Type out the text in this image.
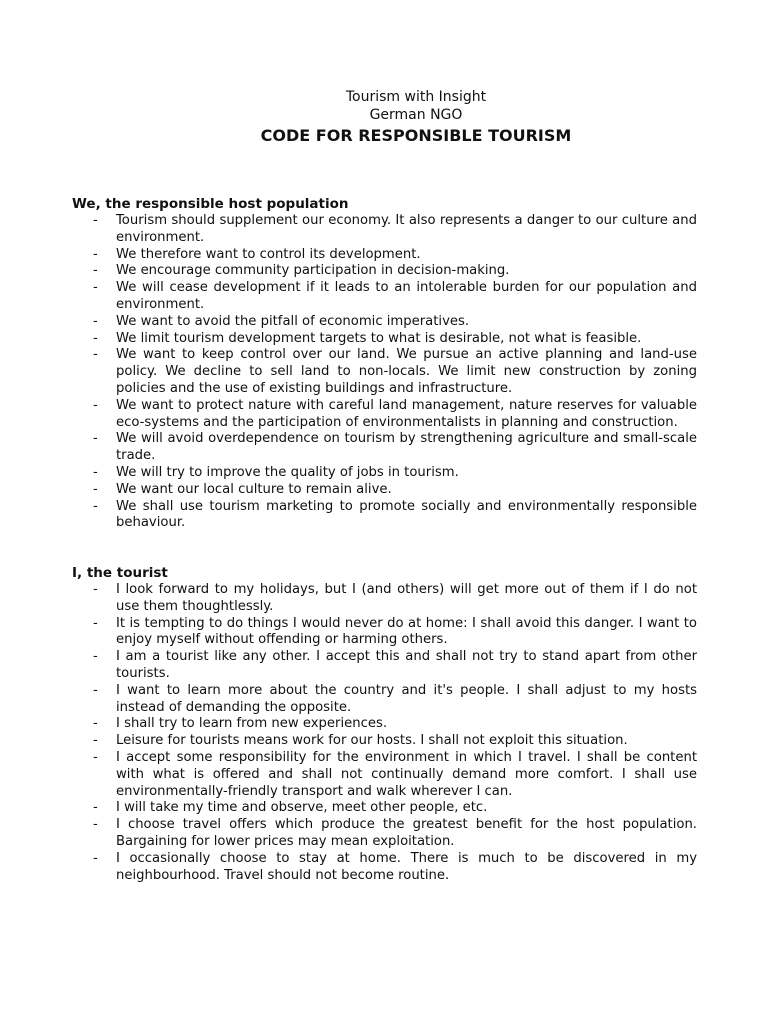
Tourism with Insight
German NGO
CODE FOR RESPONSIBLE TOURISM

We, the responsible host population

- Tourism should supplement our economy. It also represents a danger to our culture and environment.
- We therefore want to control its development.
- We encourage community participation in decision-making.
- We will cease development if it leads to an intolerable burden for our population and environment.
- We want to avoid the pitfall of economic imperatives.
- We limit tourism development targets to what is desirable, not what is feasible.
- We want to keep control over our land. We pursue an active planning and land-use policy. We decline to sell land to non-locals. We limit new construction by zoning policies and the use of existing buildings and infrastructure.
- We want to protect nature with careful land management, nature reserves for valuable eco-systems and the participation of environmentalists in planning and construction.
- We will avoid overdependence on tourism by strengthening agriculture and small-scale trade.
- We will try to improve the quality of jobs in tourism.
- We want our local culture to remain alive.
- We shall use tourism marketing to promote socially and environmentally responsible behaviour.

I, the tourist

- I look forward to my holidays, but I (and others) will get more out of them if I do not use them thoughtlessly.
- It is tempting to do things I would never do at home: I shall avoid this danger. I want to enjoy myself without offending or harming others.
- I am a tourist like any other. I accept this and shall not try to stand apart from other tourists.
- I want to learn more about the country and it's people. I shall adjust to my hosts instead of demanding the opposite.
- I shall try to learn from new experiences.
- Leisure for tourists means work for our hosts. I shall not exploit this situation.
- I accept some responsibility for the environment in which I travel. I shall be content with what is offered and shall not continually demand more comfort. I shall use environmentally-friendly transport and walk wherever I can.
- I will take my time and observe, meet other people, etc.
- I choose travel offers which produce the greatest benefit for the host population. Bargaining for lower prices may mean exploitation.
- I occasionally choose to stay at home. There is much to be discovered in my neighbourhood. Travel should not become routine.
